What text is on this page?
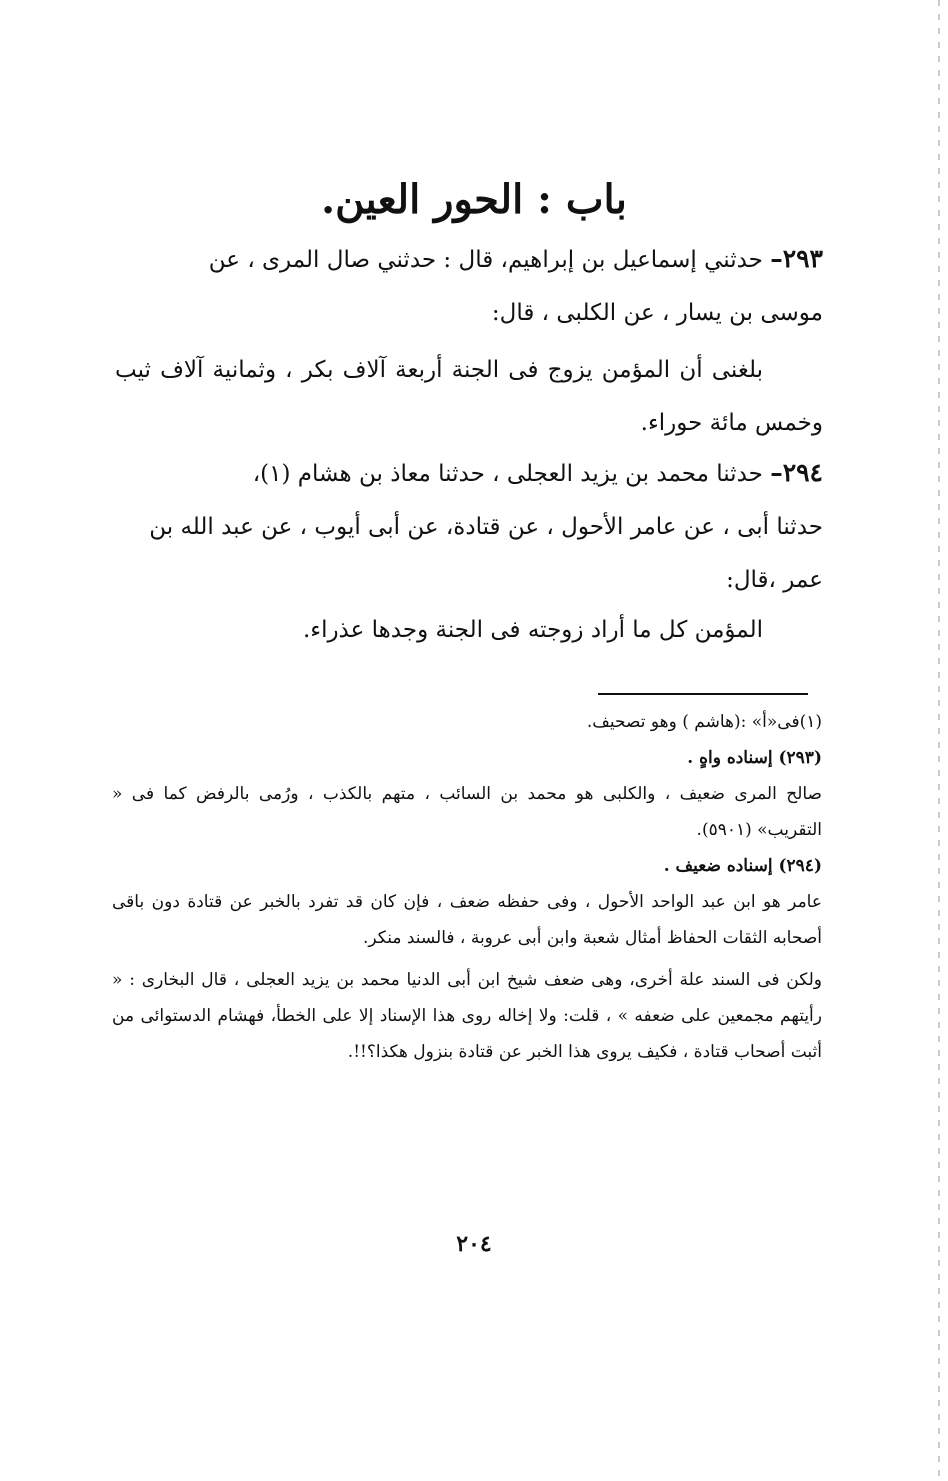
باب : الحور العين.

٢٩٣– حدثني إسماعيل بن إبراهيم، قال : حدثني صال المرى ، عن

موسى بن يسار ، عن الكلبى ، قال:

بلغنى أن المؤمن يزوج فى الجنة أربعة آلاف بكر ، وثمانية آلاف ثيب وخمس مائة حوراء.

٢٩٤– حدثنا محمد بن يزيد العجلى ، حدثنا معاذ بن هشام (١)،

حدثنا أبى ، عن عامر الأحول ، عن قتادة، عن أبى أيوب ، عن عبد الله بن

عمر ،قال:

المؤمن كل ما أراد زوجته فى الجنة وجدها عذراء.

(١)فى«أ» :(هاشم ) وهو تصحيف.

(٢٩٣) إسناده واهٍ .

صالح المرى ضعيف ، والكلبى هو محمد بن السائب ، متهم بالكذب ، ورُمى بالرفض كما فى « التقريب» (٥٩٠١).

(٢٩٤) إسناده ضعيف .

عامر هو ابن عبد الواحد الأحول ، وفى حفظه ضعف ، فإن كان قد تفرد بالخبر عن قتادة دون باقى أصحابه الثقات الحفاظ أمثال شعبة وابن أبى عروبة ، فالسند منكر.

ولكن فى السند علة أخرى، وهى ضعف شيخ ابن أبى الدنيا محمد بن يزيد العجلى ، قال البخارى : « رأيتهم مجمعين على ضعفه » ، قلت: ولا إخاله روى هذا الإسناد إلا على الخطأ، فهشام الدستوائى من أثبت أصحاب قتادة ، فكيف يروى هذا الخبر عن قتادة بنزول هكذا؟!!.

٢٠٤
